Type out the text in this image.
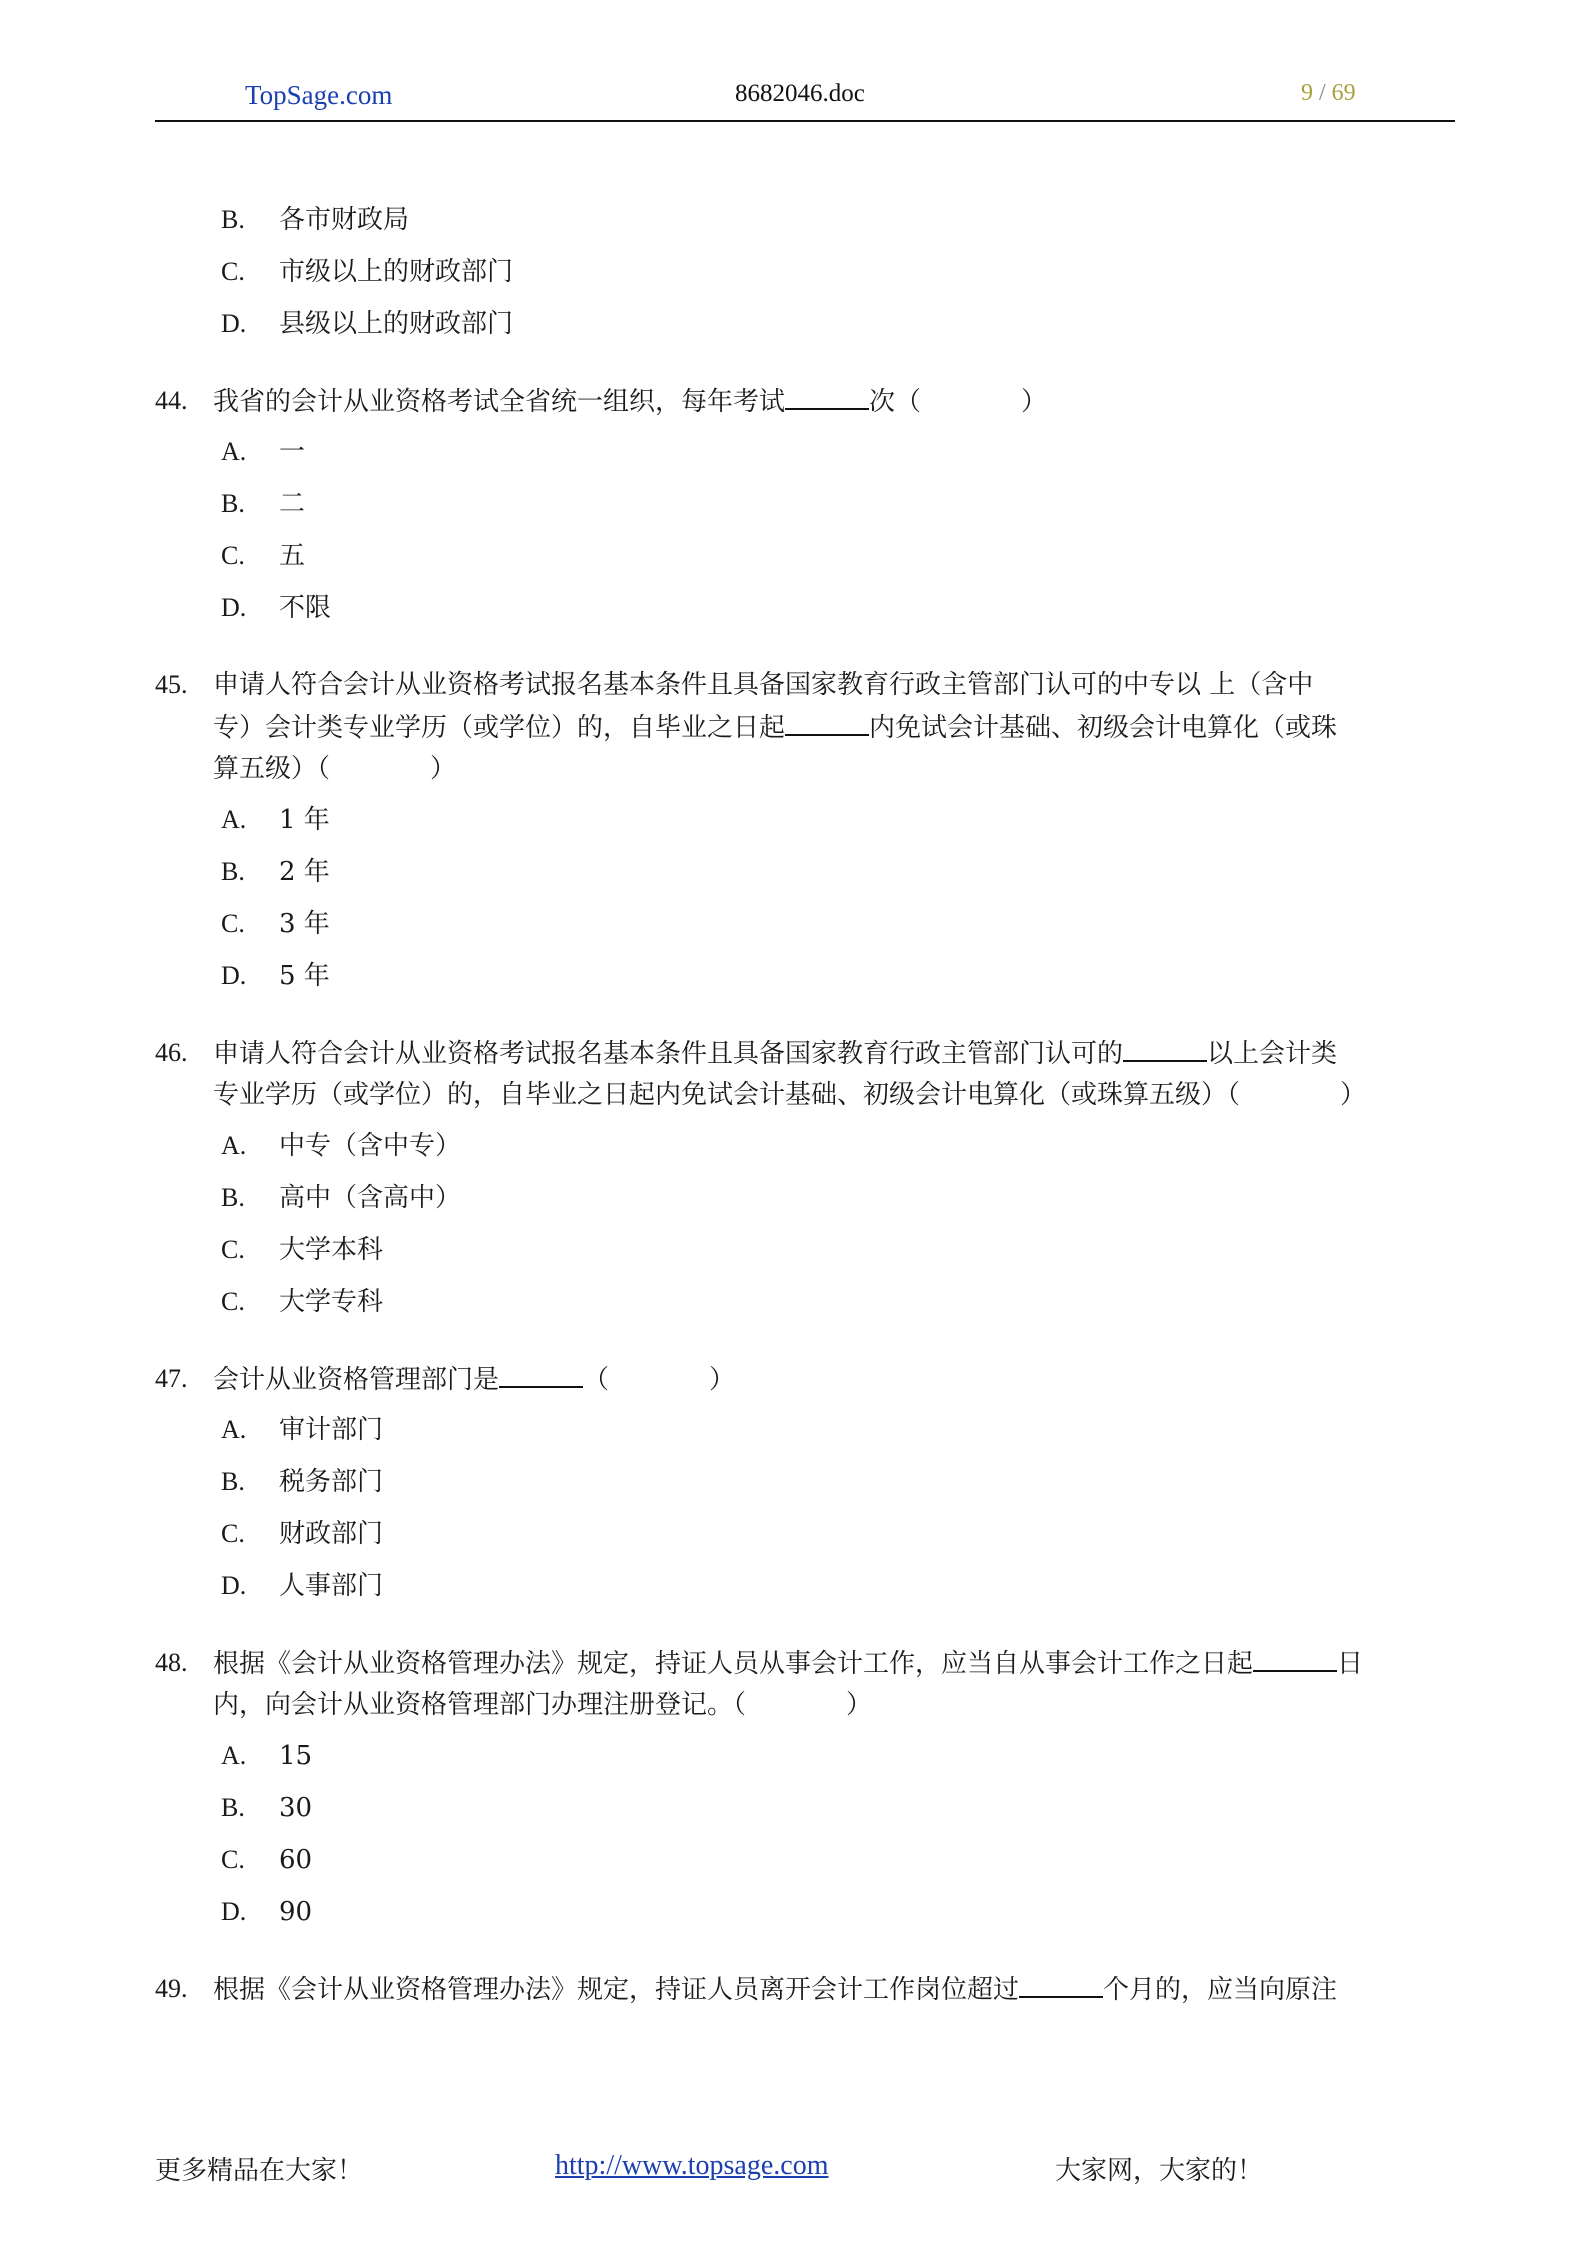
TopSage.com	8682046.doc	9 / 69
B. 各市财政局
C. 市级以上的财政部门
D. 县级以上的财政部门
44. 我省的会计从业资格考试全省统一组织，每年考试	次（	）
A. 一
B. 二
C. 五
D. 不限
45. 申请人符合会计从业资格考试报名基本条件且具备国家教育行政主管部门认可的中专以 上（含中
专）会计类专业学历（或学位）的，自毕业之日起	内免试会计基础、初级会计电算化（或珠
算五级）（	）
A. 1 年
B. 2 年
C. 3 年
D. 5 年
46. 申请人符合会计从业资格考试报名基本条件且具备国家教育行政主管部门认可的	以上会计类
专业学历（或学位）的，自毕业之日起内免试会计基础、初级会计电算化（或珠算五级）（	）
A. 中专（含中专）
B. 高中（含高中）
C. 大学本科
C. 大学专科
47. 会计从业资格管理部门是	（	）
A. 审计部门
B. 税务部门
C. 财政部门
D. 人事部门
48. 根据《会计从业资格管理办法》规定，持证人员从事会计工作，应当自从事会计工作之日起	日
内，向会计从业资格管理部门办理注册登记。（	）
A. 15
B. 30
C. 60
D. 90
49. 根据《会计从业资格管理办法》规定，持证人员离开会计工作岗位超过	个月的，应当向原注
更多精品在大家！	http://www.topsage.com	大家网，大家的！
